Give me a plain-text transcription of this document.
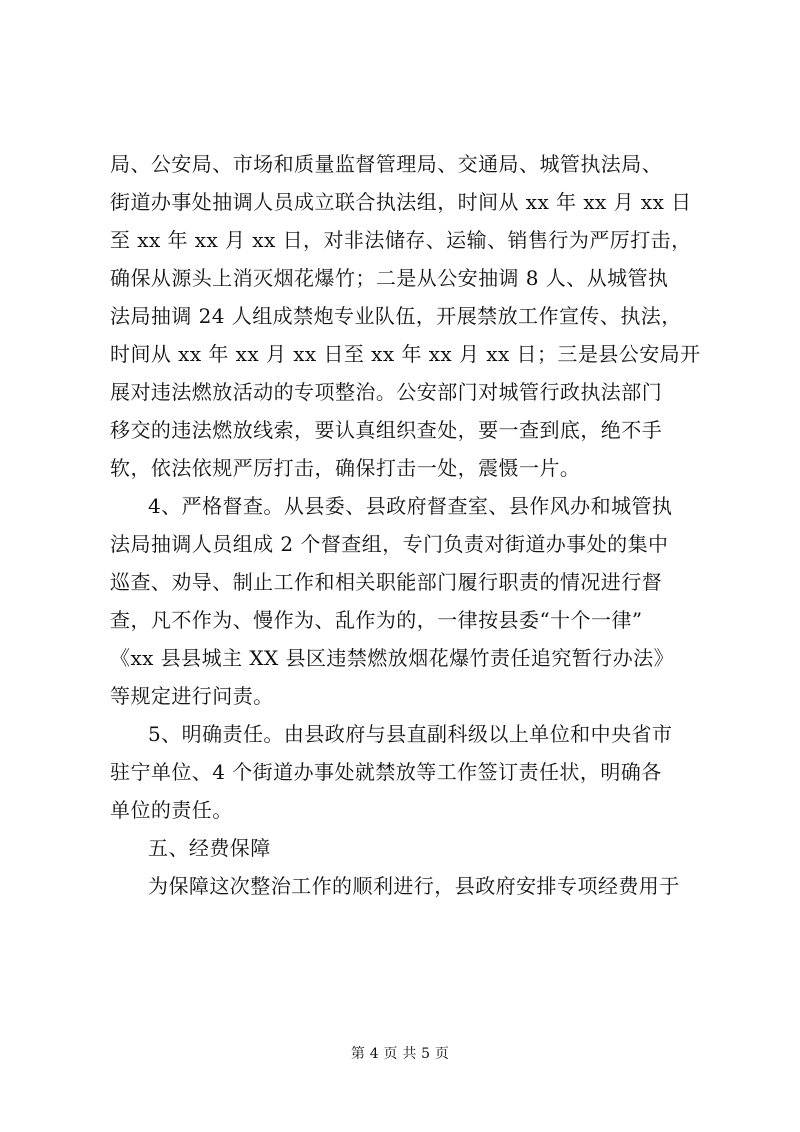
局、公安局、市场和质量监督管理局、交通局、城管执法局、
街道办事处抽调人员成立联合执法组，时间从 xx 年 xx 月 xx 日
至 xx 年 xx 月 xx 日，对非法储存、运输、销售行为严厉打击，
确保从源头上消灭烟花爆竹；二是从公安抽调 8 人、从城管执
法局抽调 24 人组成禁炮专业队伍，开展禁放工作宣传、执法，
时间从 xx 年 xx 月 xx 日至 xx 年 xx 月 xx 日；三是县公安局开
展对违法燃放活动的专项整治。公安部门对城管行政执法部门
移交的违法燃放线索，要认真组织查处，要一查到底，绝不手
软，依法依规严厉打击，确保打击一处，震慑一片。
4、严格督查。从县委、县政府督查室、县作风办和城管执
法局抽调人员组成 2 个督查组，专门负责对街道办事处的集中
巡查、劝导、制止工作和相关职能部门履行职责的情况进行督
查，凡不作为、慢作为、乱作为的，一律按县委“十个一律”
《xx 县县城主 XX 县区违禁燃放烟花爆竹责任追究暂行办法》
等规定进行问责。
5、明确责任。由县政府与县直副科级以上单位和中央省市
驻宁单位、4 个街道办事处就禁放等工作签订责任状，明确各
单位的责任。
五、经费保障
为保障这次整治工作的顺利进行，县政府安排专项经费用于
第 4 页 共 5 页
